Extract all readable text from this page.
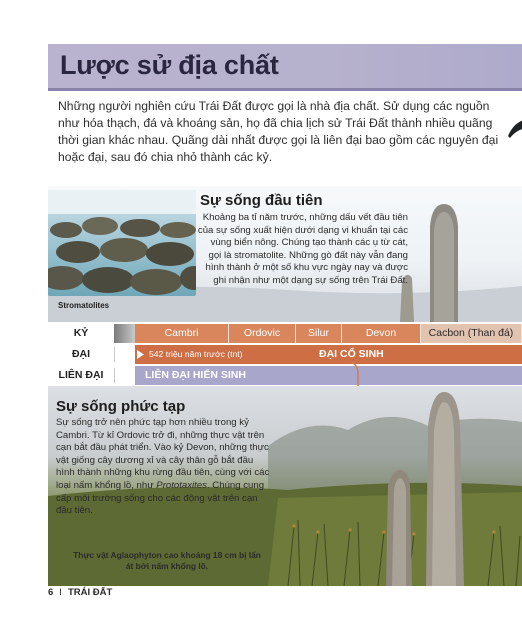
Lược sử địa chất
Những người nghiên cứu Trái Đất được gọi là nhà địa chất. Sử dụng các nguồn như hóa thạch, đá và khoáng sản, họ đã chia lịch sử Trái Đất thành nhiều quãng thời gian khác nhau. Quãng dài nhất được gọi là liên đại bao gồm các nguyên đại hoặc đại, sau đó chia nhỏ thành các kỷ.
Stromatolites
Sự sống đầu tiên
Khoảng ba tỉ năm trước, những dấu vết đầu tiên của sự sống xuất hiện dưới dạng vi khuẩn tại các vùng biển nông. Chúng tạo thành các ụ từ cát, gọi là stromatolite. Những gò đất này vẫn đang hình thành ở một số khu vực ngày nay và được ghi nhận như một dạng sự sống trên Trái Đất.
KỶ	Cambri	Ordovic	Silur	Devon	Cacbon (Than đá)
ĐẠI	542 triệu năm trước (tnt)	ĐẠI CỔ SINH
LIÊN ĐẠI	LIÊN ĐẠI HIỂN SINH
Sự sống phức tạp
Sự sống trở nên phức tạp hơn nhiều trong kỷ Cambri. Từ kỉ Ordovic trở đi, những thực vật trên cạn bắt đầu phát triển. Vào kỷ Devon, những thực vật giống cây dương xỉ và cây thân gỗ bắt đầu hình thành những khu rừng đầu tiên, cùng với các loại nấm khổng lồ, như Prototaxites. Chúng cung cấp môi trường sống cho các động vật trên cạn đầu tiên.
Thực vật Aglaophyton cao khoảng 18 cm bị lấn át bởi nấm khổng lồ.
6 I TRÁI ĐẤT
